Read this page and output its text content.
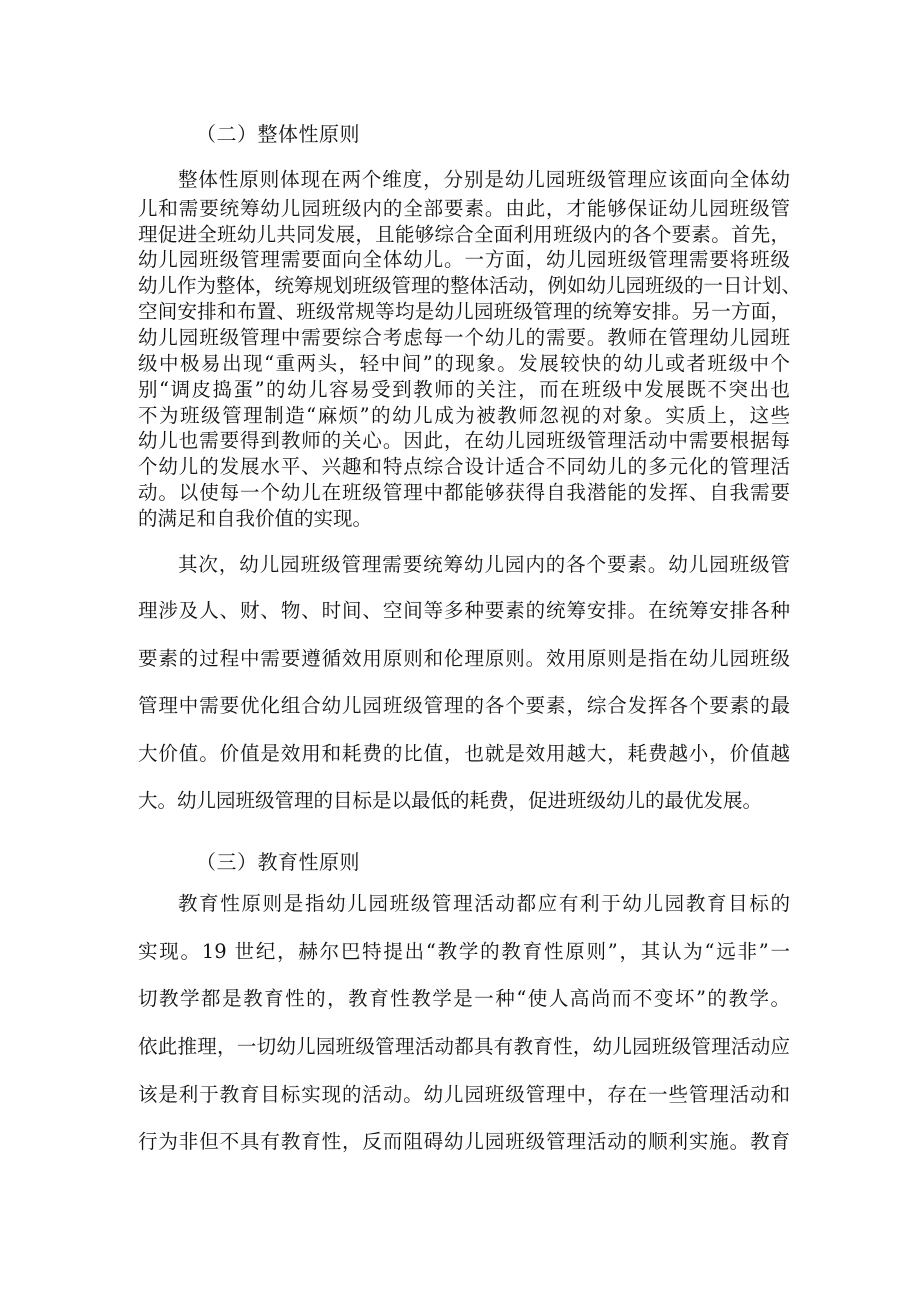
（二）整体性原则
整体性原则体现在两个维度，分别是幼儿园班级管理应该面向全体幼
儿和需要统筹幼儿园班级内的全部要素。由此，才能够保证幼儿园班级管
理促进全班幼儿共同发展，且能够综合全面利用班级内的各个要素。首先，
幼儿园班级管理需要面向全体幼儿。一方面，幼儿园班级管理需要将班级
幼儿作为整体，统筹规划班级管理的整体活动，例如幼儿园班级的一日计划、
空间安排和布置、班级常规等均是幼儿园班级管理的统筹安排。另一方面，
幼儿园班级管理中需要综合考虑每一个幼儿的需要。教师在管理幼儿园班
级中极易出现“重两头，轻中间”的现象。发展较快的幼儿或者班级中个
别“调皮捣蛋”的幼儿容易受到教师的关注，而在班级中发展既不突出也
不为班级管理制造“麻烦”的幼儿成为被教师忽视的对象。实质上，这些
幼儿也需要得到教师的关心。因此，在幼儿园班级管理活动中需要根据每
个幼儿的发展水平、兴趣和特点综合设计适合不同幼儿的多元化的管理活
动。以使每一个幼儿在班级管理中都能够获得自我潜能的发挥、自我需要
的满足和自我价值的实现。
其次，幼儿园班级管理需要统筹幼儿园内的各个要素。幼儿园班级管
理涉及人、财、物、时间、空间等多种要素的统筹安排。在统筹安排各种
要素的过程中需要遵循效用原则和伦理原则。效用原则是指在幼儿园班级
管理中需要优化组合幼儿园班级管理的各个要素，综合发挥各个要素的最
大价值。价值是效用和耗费的比值，也就是效用越大，耗费越小，价值越
大。幼儿园班级管理的目标是以最低的耗费，促进班级幼儿的最优发展。
（三）教育性原则
教育性原则是指幼儿园班级管理活动都应有利于幼儿园教育目标的
实现。19 世纪，赫尔巴特提出“教学的教育性原则”，其认为“远非”一
切教学都是教育性的，教育性教学是一种“使人高尚而不变坏”的教学。
依此推理，一切幼儿园班级管理活动都具有教育性，幼儿园班级管理活动应
该是利于教育目标实现的活动。幼儿园班级管理中，存在一些管理活动和
行为非但不具有教育性，反而阻碍幼儿园班级管理活动的顺利实施。教育
